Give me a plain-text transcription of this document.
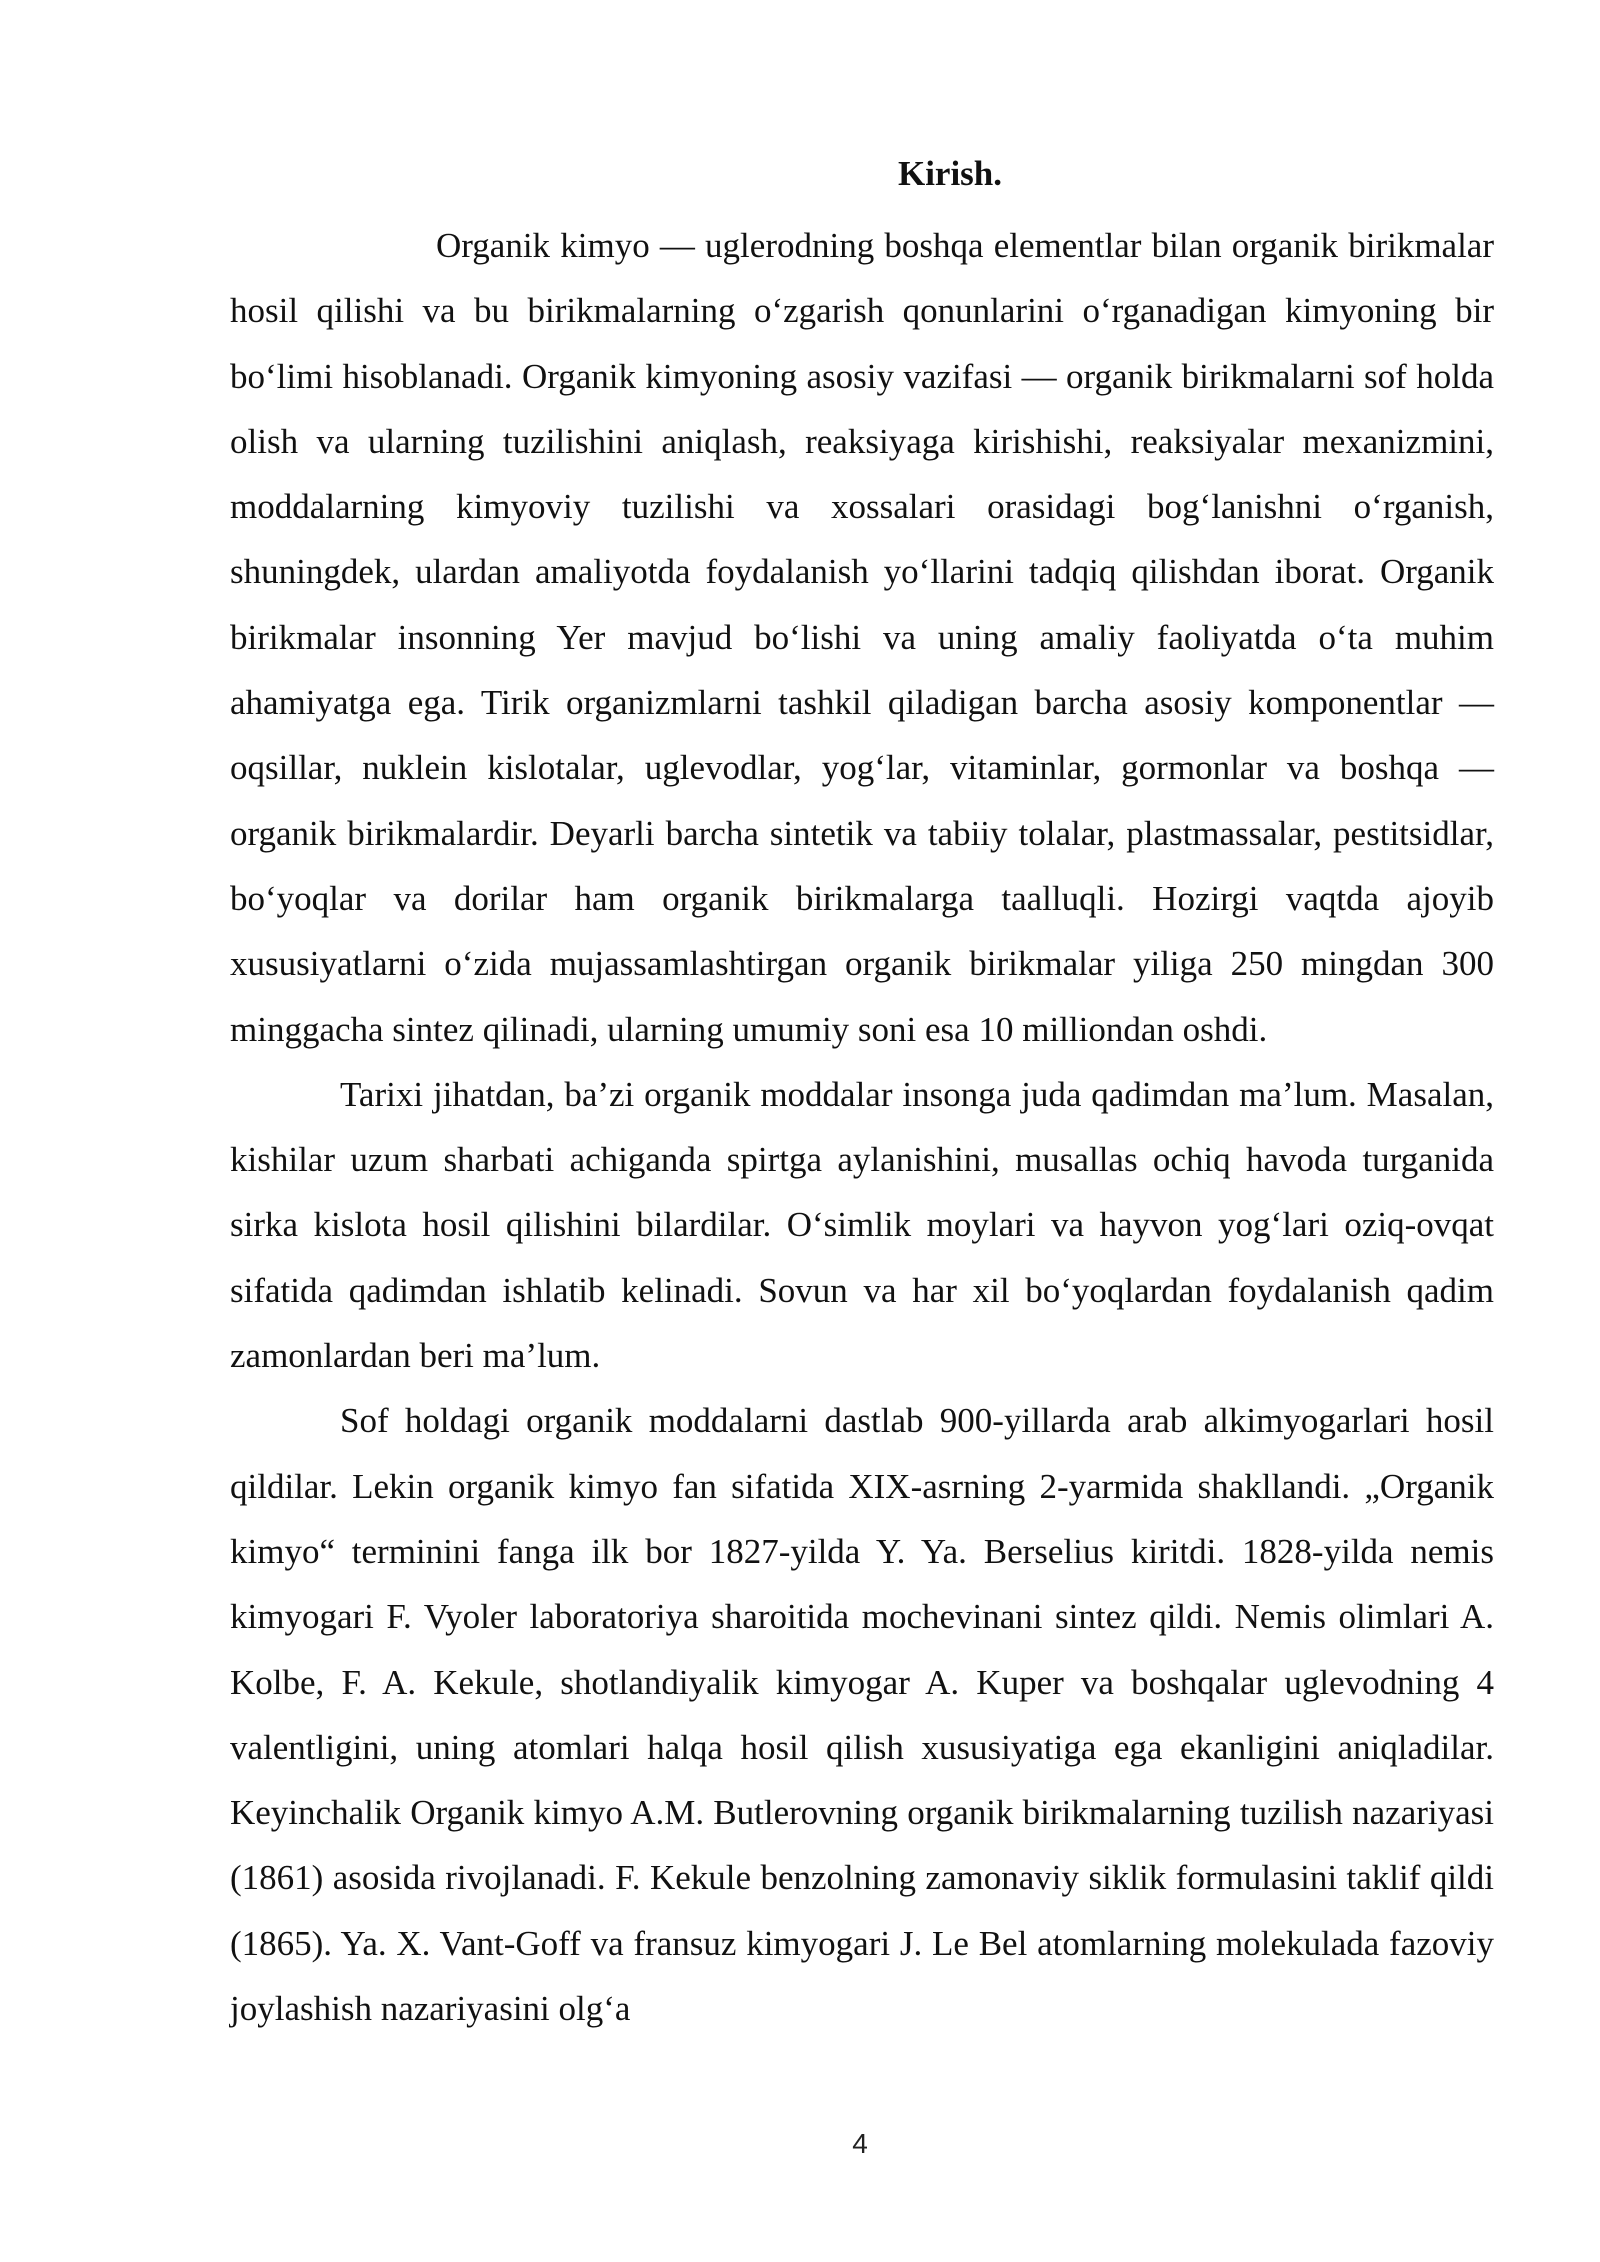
Kirish.

Organik kimyo — uglerodning boshqa elementlar bilan organik birikmalar hosil qilishi va bu birikmalarning o‘zgarish qonunlarini o‘rganadigan kimyoning bir bo‘limi hisoblanadi. Organik kimyoning asosiy vazifasi — organik birikmalarni sof holda olish va ularning tuzilishini aniqlash, reaksiyaga kirishishi, reaksiyalar mexanizmini, moddalarning kimyoviy tuzilishi va xossalari orasidagi bog‘lanishni o‘rganish, shuningdek, ulardan amaliyotda foydalanish yo‘llarini tadqiq qilishdan iborat. Organik birikmalar insonning Yer mavjud bo‘lishi va uning amaliy faoliyatda o‘ta muhim ahamiyatga ega. Tirik organizmlarni tashkil qiladigan barcha asosiy komponentlar — oqsillar, nuklein kislotalar, uglevodlar, yog‘lar, vitaminlar, gormonlar va boshqa — organik birikmalardir. Deyarli barcha sintetik va tabiiy tolalar, plastmassalar, pestitsidlar, bo‘yoqlar va dorilar ham organik birikmalarga taalluqli. Hozirgi vaqtda ajoyib xususiyatlarni o‘zida mujassamlashtirgan organik birikmalar yiliga 250 mingdan 300 minggacha sintez qilinadi, ularning umumiy soni esa 10 milliondan oshdi.

Tarixi jihatdan, ba’zi organik moddalar insonga juda qadimdan ma’lum. Masalan, kishilar uzum sharbati achiganda spirtga aylanishini, musallas ochiq havoda turganida sirka kislota hosil qilishini bilardilar. O‘simlik moylari va hayvon yog‘lari oziq-ovqat sifatida qadimdan ishlatib kelinadi. Sovun va har xil bo‘yoqlardan foydalanish qadim zamonlardan beri ma’lum.

Sof holdagi organik moddalarni dastlab 900-yillarda arab alkimyogarlari hosil qildilar. Lekin organik kimyo fan sifatida XIX-asrning 2-yarmida shakllandi. „Organik kimyo“ terminini fanga ilk bor 1827-yilda Y. Ya. Berselius kiritdi. 1828-yilda nemis kimyogari F. Vyoler laboratoriya sharoitida mochevinani sintez qildi. Nemis olimlari A. Kolbe, F. A. Kekule, shotlandiyalik kimyogar A. Kuper va boshqalar uglevodning 4 valentligini, uning atomlari halqa hosil qilish xususiyatiga ega ekanligini aniqladilar. Keyinchalik Organik kimyo A.M. Butlerovning organik birikmalarning tuzilish nazariyasi (1861) asosida rivojlanadi. F. Kekule benzolning zamonaviy siklik formulasini taklif qildi (1865). Ya. X. Vant-Goff va fransuz kimyogari J. Le Bel atomlarning molekulada fazoviy joylashish nazariyasini olg‘a

4
